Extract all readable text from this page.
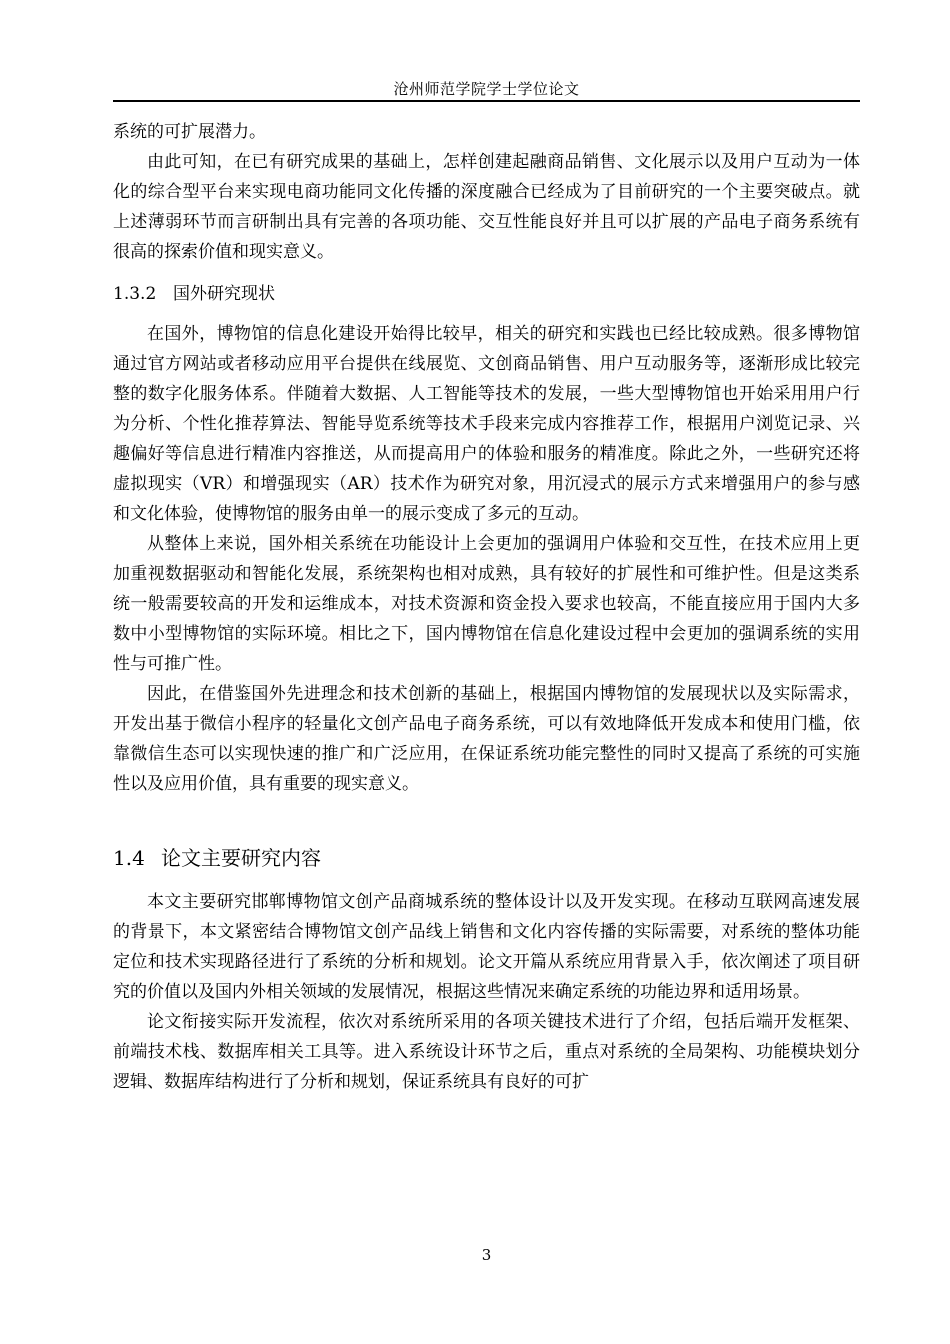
沧州师范学院学士学位论文

系统的可扩展潜力。

由此可知，在已有研究成果的基础上，怎样创建起融商品销售、文化展示以及用户互动为一体化的综合型平台来实现电商功能同文化传播的深度融合已经成为了目前研究的一个主要突破点。就上述薄弱环节而言研制出具有完善的各项功能、交互性能良好并且可以扩展的产品电子商务系统有很高的探索价值和现实意义。

1.3.2 国外研究现状

在国外，博物馆的信息化建设开始得比较早，相关的研究和实践也已经比较成熟。很多博物馆通过官方网站或者移动应用平台提供在线展览、文创商品销售、用户互动服务等，逐渐形成比较完整的数字化服务体系。伴随着大数据、人工智能等技术的发展，一些大型博物馆也开始采用用户行为分析、个性化推荐算法、智能导览系统等技术手段来完成内容推荐工作，根据用户浏览记录、兴趣偏好等信息进行精准内容推送，从而提高用户的体验和服务的精准度。除此之外，一些研究还将虚拟现实（VR）和增强现实（AR）技术作为研究对象，用沉浸式的展示方式来增强用户的参与感和文化体验，使博物馆的服务由单一的展示变成了多元的互动。

从整体上来说，国外相关系统在功能设计上会更加的强调用户体验和交互性，在技术应用上更加重视数据驱动和智能化发展，系统架构也相对成熟，具有较好的扩展性和可维护性。但是这类系统一般需要较高的开发和运维成本，对技术资源和资金投入要求也较高，不能直接应用于国内大多数中小型博物馆的实际环境。相比之下，国内博物馆在信息化建设过程中会更加的强调系统的实用性与可推广性。

因此，在借鉴国外先进理念和技术创新的基础上，根据国内博物馆的发展现状以及实际需求，开发出基于微信小程序的轻量化文创产品电子商务系统，可以有效地降低开发成本和使用门槛，依靠微信生态可以实现快速的推广和广泛应用，在保证系统功能完整性的同时又提高了系统的可实施性以及应用价值，具有重要的现实意义。

1.4 论文主要研究内容

本文主要研究邯郸博物馆文创产品商城系统的整体设计以及开发实现。在移动互联网高速发展的背景下，本文紧密结合博物馆文创产品线上销售和文化内容传播的实际需要，对系统的整体功能定位和技术实现路径进行了系统的分析和规划。论文开篇从系统应用背景入手，依次阐述了项目研究的价值以及国内外相关领域的发展情况，根据这些情况来确定系统的功能边界和适用场景。

论文衔接实际开发流程，依次对系统所采用的各项关键技术进行了介绍，包括后端开发框架、前端技术栈、数据库相关工具等。进入系统设计环节之后，重点对系统的全局架构、功能模块划分逻辑、数据库结构进行了分析和规划，保证系统具有良好的可扩

3
